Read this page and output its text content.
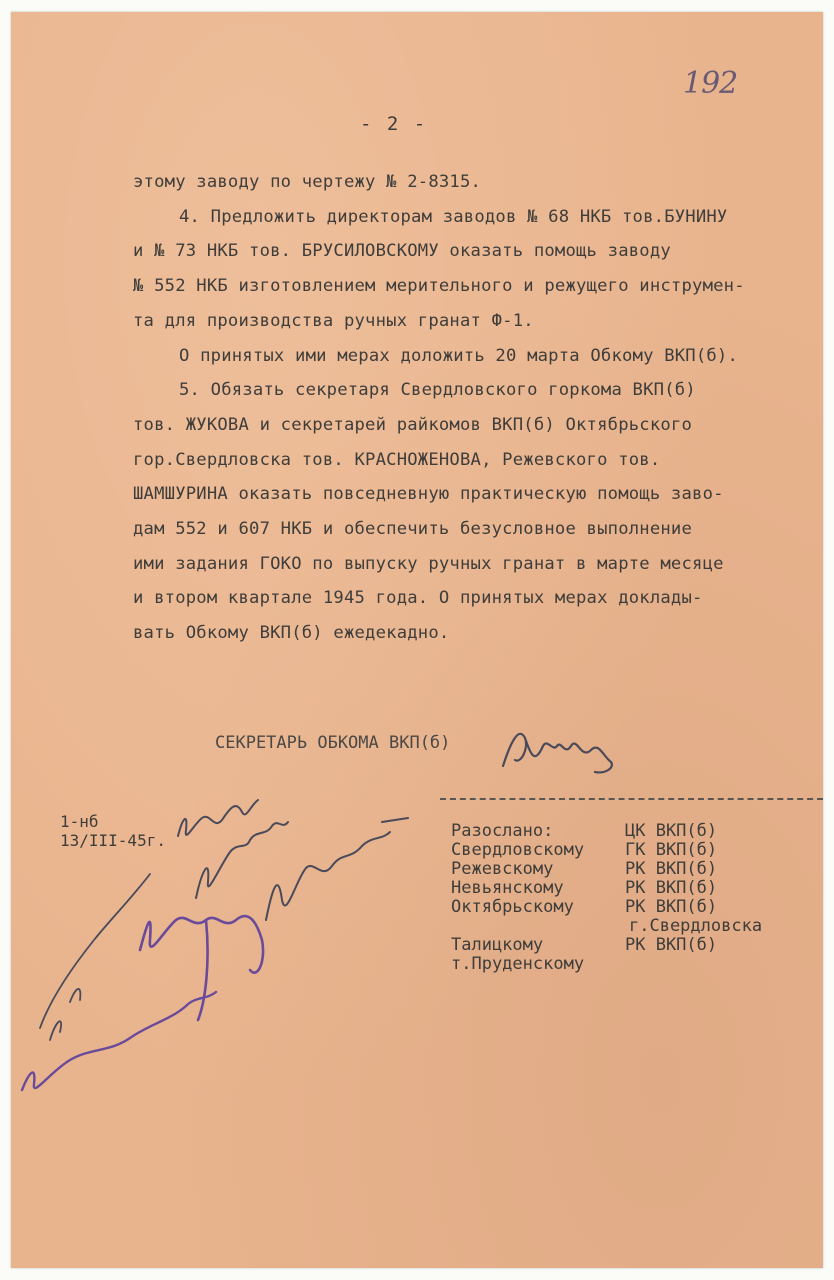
192
- 2 -
этому заводу по чертежу № 2-8315.
4. Предложить директорам заводов № 68 НКБ тов.БУНИНУ
и № 73 НКБ тов. БРУСИЛОВСКОМУ оказать помощь заводу
№ 552 НКБ изготовлением мерительного и режущего инструмен-
та для производства ручных гранат Ф-1.
О принятых ими мерах доложить 20 марта Обкому ВКП(б).
5. Обязать секретаря Свердловского горкома ВКП(б)
тов. ЖУКОВА и секретарей райкомов ВКП(б) Октябрьского
гор.Свердловска тов. КРАСНОЖЕНОВА, Режевского тов.
ШАМШУРИНА оказать повседневную практическую помощь заво-
дам 552 и 607 НКБ и обеспечить безусловное выполнение
ими задания ГОКО по выпуску ручных гранат в марте месяце
и втором квартале 1945 года. О принятых мерах доклады-
вать Обкому ВКП(б) ежедекадно.
СЕКРЕТАРЬ ОБКОМА ВКП(б)
1-нб
13/III-45г.	Разослано:	ЦК ВКП(б)
Свердловскому	ГК ВКП(б)
Режевскому	РК ВКП(б)
Невьянскому	РК ВКП(б)
Октябрьскому	РК ВКП(б)
г.Свердловска
Талицкому	РК ВКП(б)
т.Пруденскому
